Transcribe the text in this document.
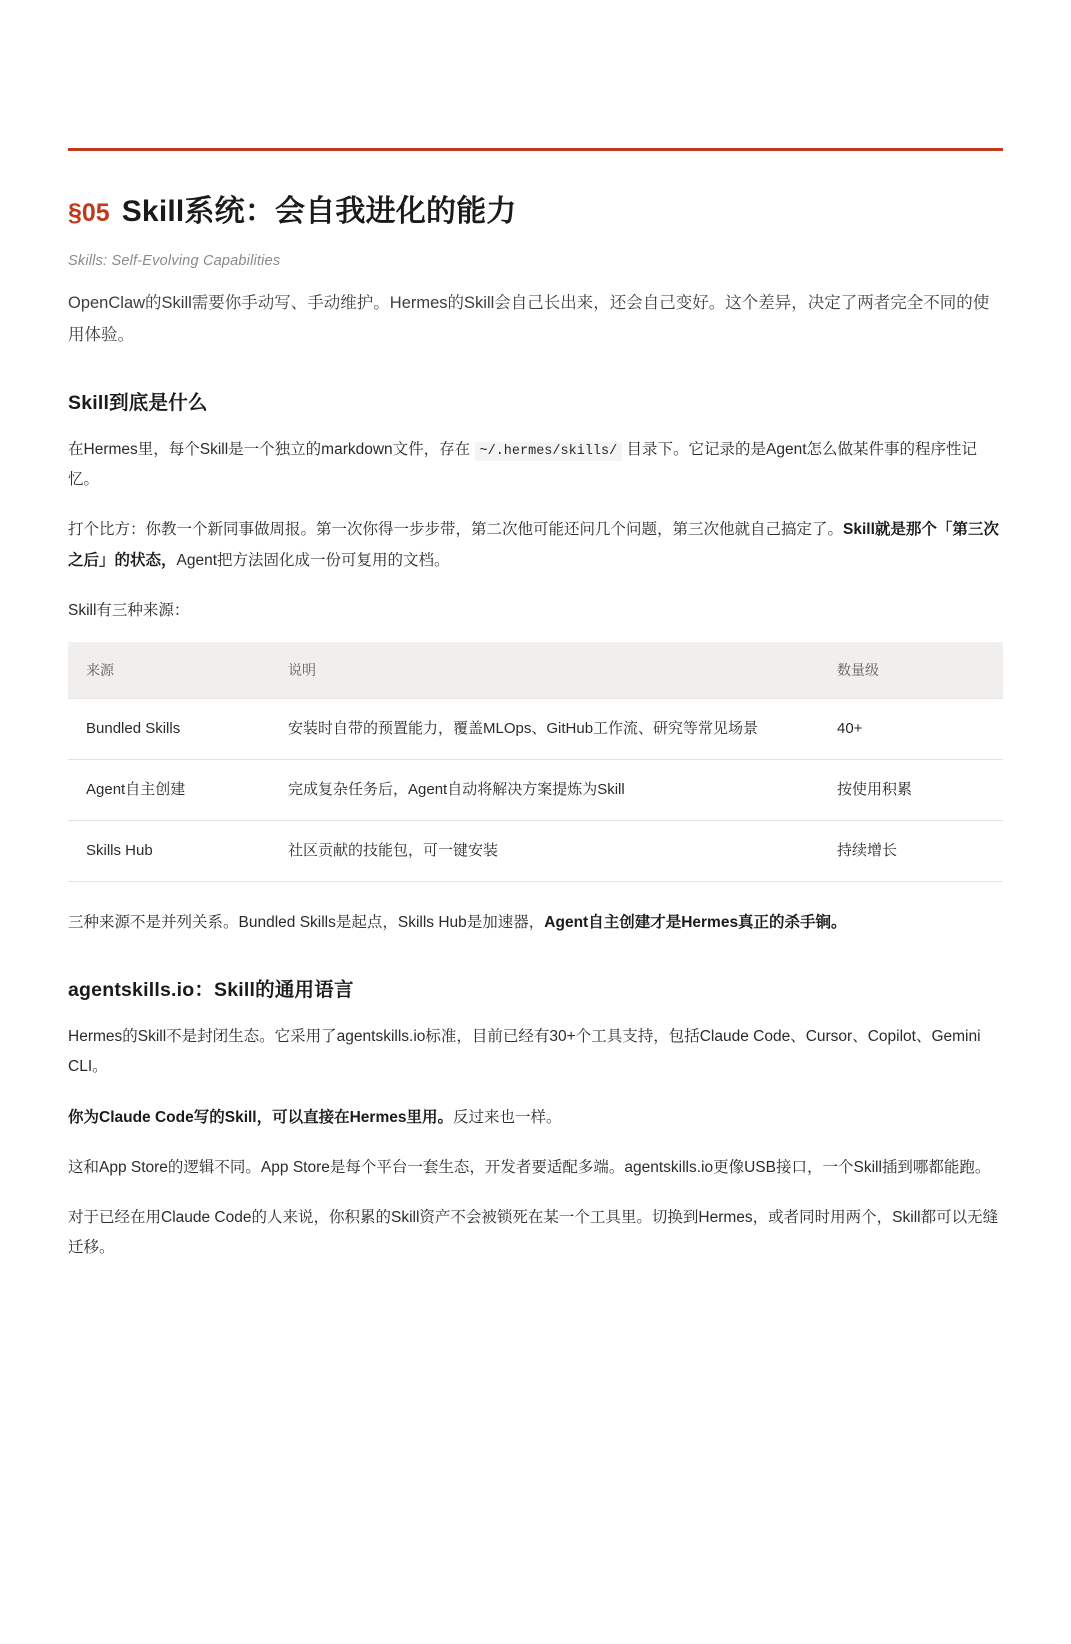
§05 Skill系统：会自我进化的能力
Skills: Self-Evolving Capabilities

OpenClaw的Skill需要你手动写、手动维护。Hermes的Skill会自己长出来，还会自己变好。这个差异，决定了两者完全不同的使用体验。

Skill到底是什么

在Hermes里，每个Skill是一个独立的markdown文件，存在 ~/.hermes/skills/ 目录下。它记录的是Agent怎么做某件事的程序性记忆。

打个比方：你教一个新同事做周报。第一次你得一步步带，第二次他可能还问几个问题，第三次他就自己搞定了。Skill就是那个「第三次之后」的状态，Agent把方法固化成一份可复用的文档。

Skill有三种来源：

来源	说明	数量级
Bundled Skills	安装时自带的预置能力，覆盖MLOps、GitHub工作流、研究等常见场景	40+
Agent自主创建	完成复杂任务后，Agent自动将解决方案提炼为Skill	按使用积累
Skills Hub	社区贡献的技能包，可一键安装	持续增长

三种来源不是并列关系。Bundled Skills是起点，Skills Hub是加速器，Agent自主创建才是Hermes真正的杀手锏。

agentskills.io：Skill的通用语言

Hermes的Skill不是封闭生态。它采用了agentskills.io标准，目前已经有30+个工具支持，包括Claude Code、Cursor、Copilot、Gemini CLI。

你为Claude Code写的Skill，可以直接在Hermes里用。反过来也一样。

这和App Store的逻辑不同。App Store是每个平台一套生态，开发者要适配多端。agentskills.io更像USB接口，一个Skill插到哪都能跑。

对于已经在用Claude Code的人来说，你积累的Skill资产不会被锁死在某一个工具里。切换到Hermes，或者同时用两个，Skill都可以无缝迁移。
